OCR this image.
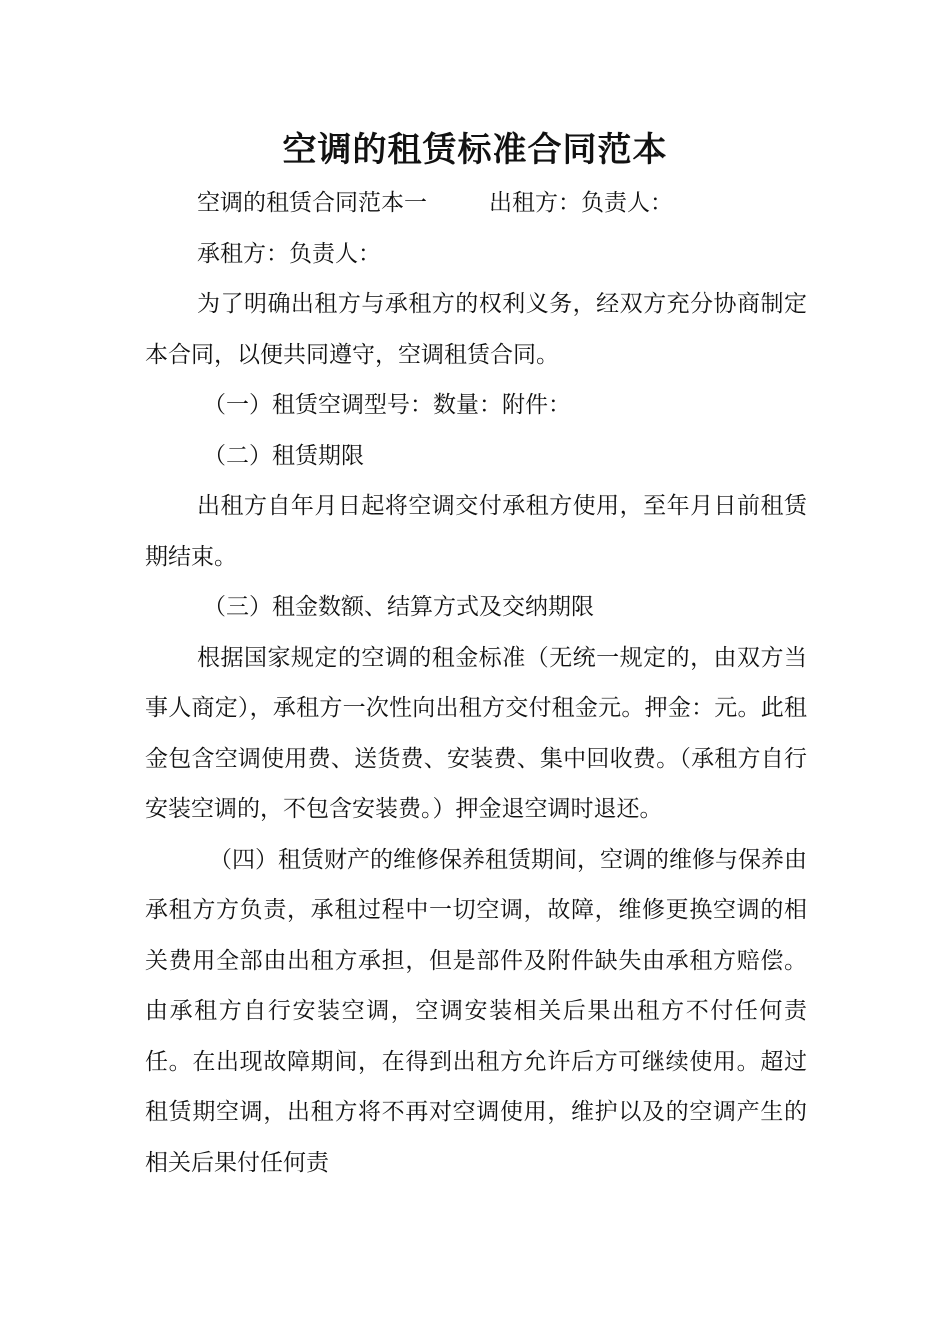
空调的租赁标准合同范本

空调的租赁合同范本一	出租方：负责人：

承租方：负责人：

为了明确出租方与承租方的权利义务，经双方充分协商制定本合同，以便共同遵守，空调租赁合同。

（一）租赁空调型号：数量：附件：

（二）租赁期限

出租方自年月日起将空调交付承租方使用，至年月日前租赁期结束。

（三）租金数额、结算方式及交纳期限

根据国家规定的空调的租金标准（无统一规定的，由双方当事人商定），承租方一次性向出租方交付租金元。押金：元。此租金包含空调使用费、送货费、安装费、集中回收费。（承租方自行安装空调的，不包含安装费。）押金退空调时退还。

（四）租赁财产的维修保养租赁期间，空调的维修与保养由承租方方负责，承租过程中一切空调，故障，维修更换空调的相关费用全部由出租方承担，但是部件及附件缺失由承租方赔偿。由承租方自行安装空调，空调安装相关后果出租方不付任何责任。在出现故障期间，在得到出租方允许后方可继续使用。超过租赁期空调，出租方将不再对空调使用，维护以及的空调产生的相关后果付任何责
